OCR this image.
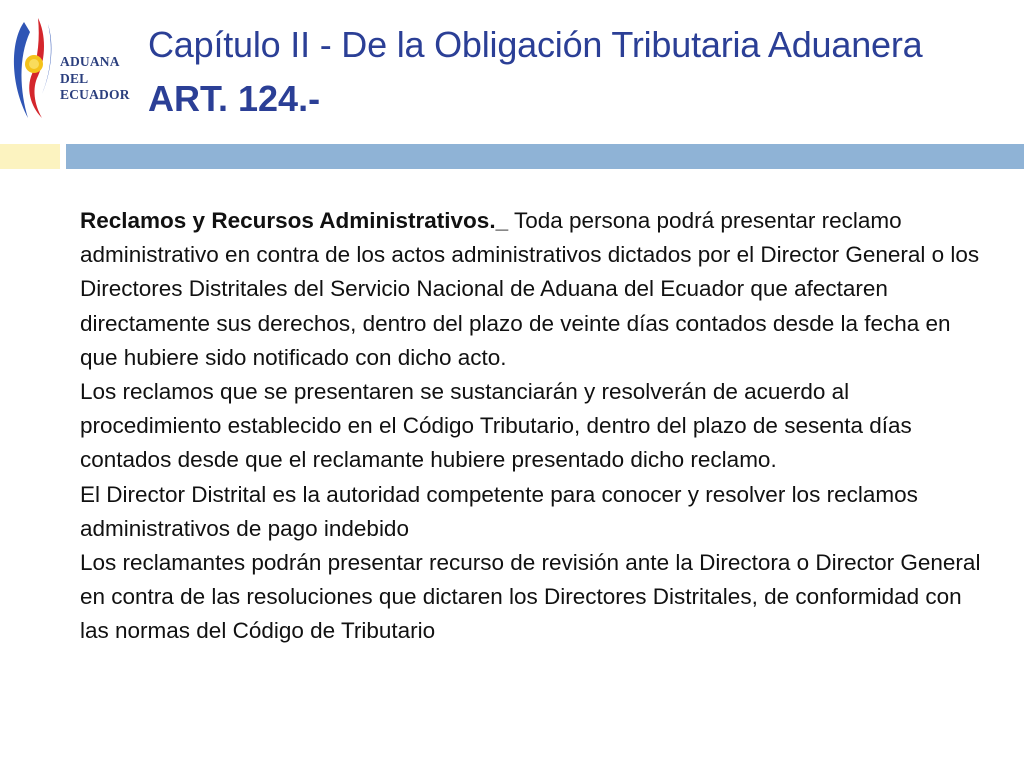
ADUANA
DEL
ECUADOR
Capítulo II - De la Obligación Tributaria Aduanera
ART. 124.-

Reclamos y Recursos Administrativos._ Toda persona podrá presentar reclamo administrativo en contra de los actos administrativos dictados por el Director General o los Directores Distritales del Servicio Nacional de Aduana del Ecuador que afectaren directamente sus derechos, dentro del plazo de veinte días contados desde la fecha en que hubiere sido notificado con dicho acto.

Los reclamos que se presentaren se sustanciarán y resolverán de acuerdo al procedimiento establecido en el Código Tributario, dentro del plazo de sesenta días contados desde que el reclamante hubiere presentado dicho reclamo.

El Director Distrital es la autoridad competente para conocer y resolver los reclamos administrativos de pago indebido

Los reclamantes podrán presentar recurso de revisión ante la Directora o Director General en contra de las resoluciones que dictaren los Directores Distritales, de conformidad con las normas del Código de Tributario
